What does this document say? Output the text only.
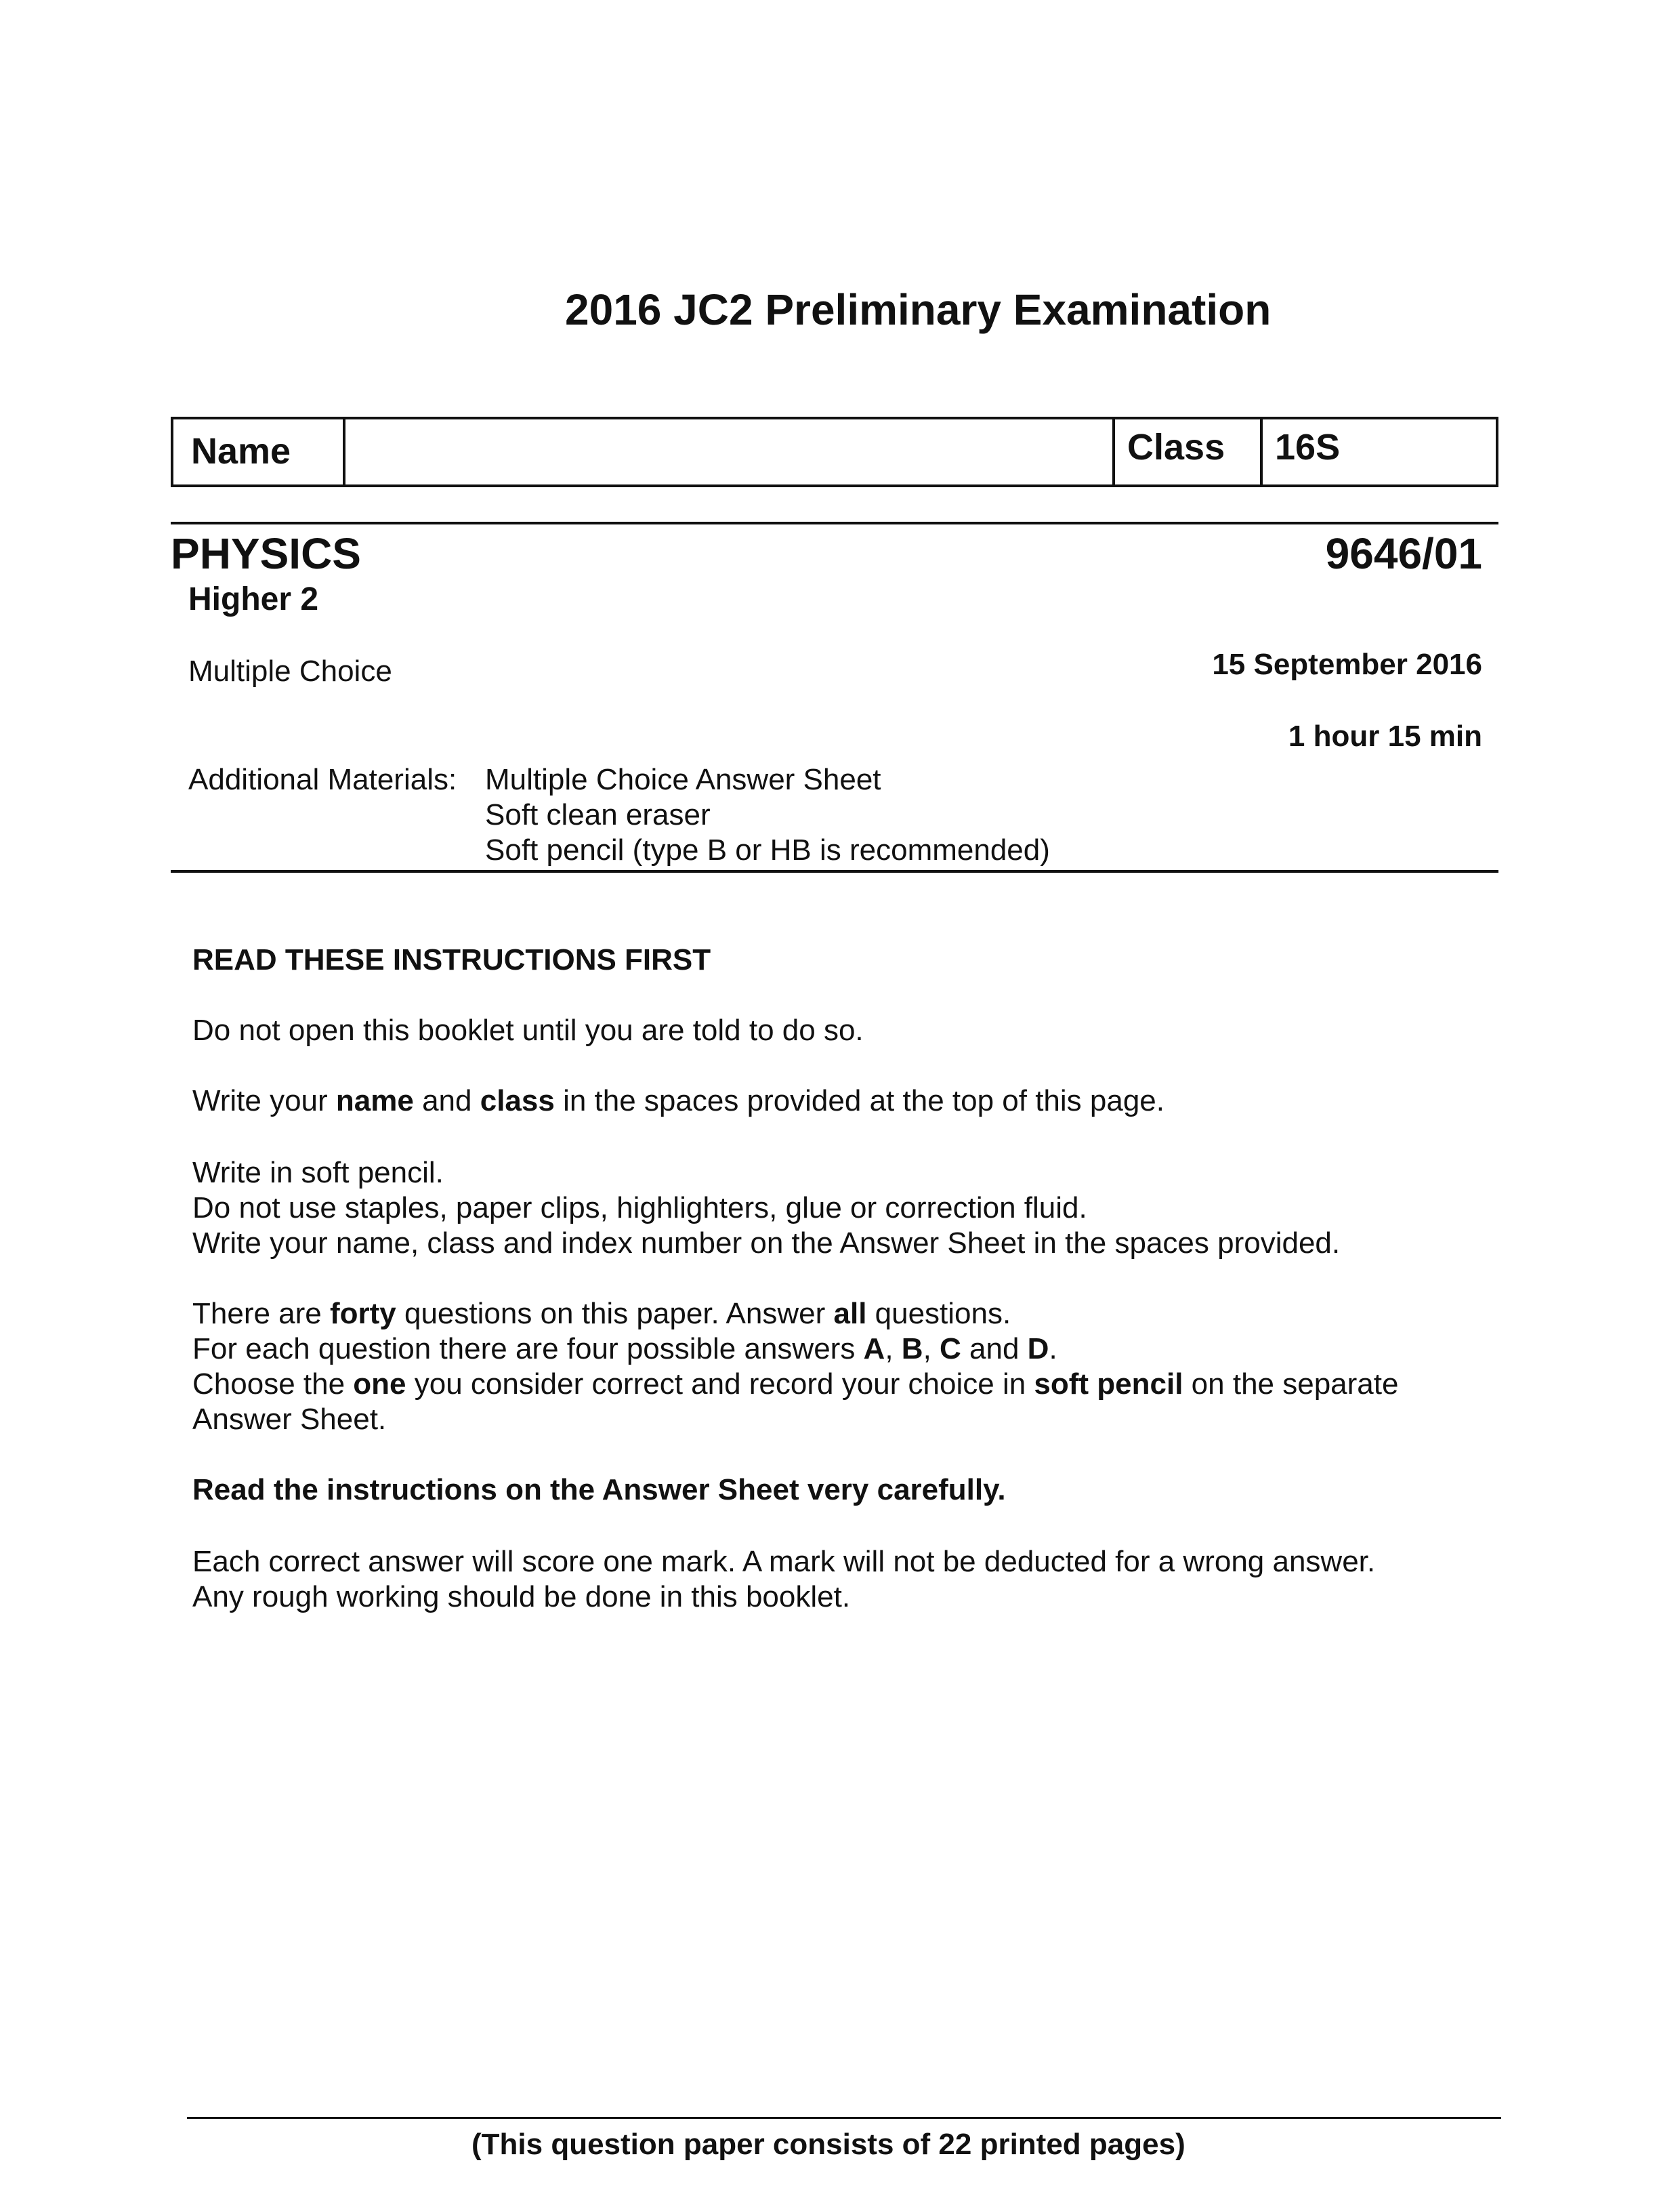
2016 JC2 Preliminary Examination
Name	Class 16S
PHYSICS	9646/01
Higher 2
Multiple Choice	15 September 2016
1 hour 15 min
Additional Materials: Multiple Choice Answer Sheet
Soft clean eraser
Soft pencil (type B or HB is recommended)
READ THESE INSTRUCTIONS FIRST
Do not open this booklet until you are told to do so.
Write your name and class in the spaces provided at the top of this page.
Write in soft pencil.
Do not use staples, paper clips, highlighters, glue or correction fluid.
Write your name, class and index number on the Answer Sheet in the spaces provided.
There are forty questions on this paper. Answer all questions.
For each question there are four possible answers A, B, C and D.
Choose the one you consider correct and record your choice in soft pencil on the separate
Answer Sheet.
Read the instructions on the Answer Sheet very carefully.
Each correct answer will score one mark. A mark will not be deducted for a wrong answer.
Any rough working should be done in this booklet.
(This question paper consists of 22 printed pages)
